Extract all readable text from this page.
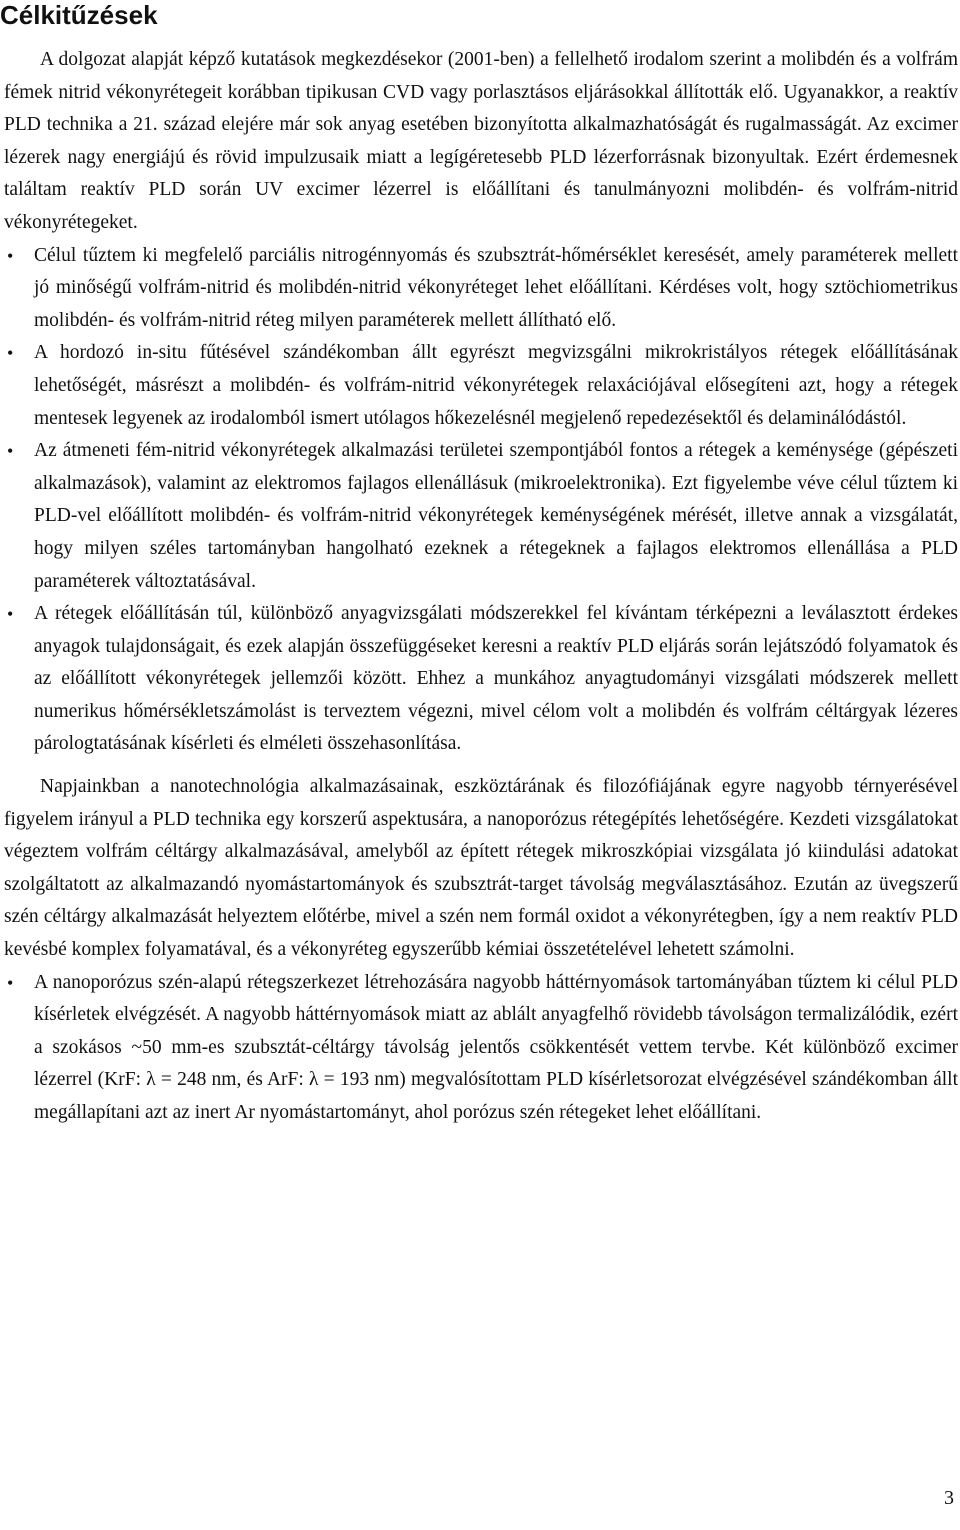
Célkitűzések

A dolgozat alapját képző kutatások megkezdésekor (2001-ben) a fellelhető irodalom szerint a molibdén és a volfrám fémek nitrid vékonyrétegeit korábban tipikusan CVD vagy porlasztásos eljárásokkal állították elő. Ugyanakkor, a reaktív PLD technika a 21. század elejére már sok anyag esetében bizonyította alkalmazhatóságát és rugalmasságát. Az excimer lézerek nagy energiájú és rövid impulzusaik miatt a legígéretesebb PLD lézerforrásnak bizonyultak. Ezért érdemesnek találtam reaktív PLD során UV excimer lézerrel is előállítani és tanulmányozni molibdén- és volfrám-nitrid vékonyrétegeket.

• Célul tűztem ki megfelelő parciális nitrogénnyomás és szubsztrát-hőmérséklet keresését, amely paraméterek mellett jó minőségű volfrám-nitrid és molibdén-nitrid vékonyréteget lehet előállítani. Kérdéses volt, hogy sztöchiometrikus molibdén- és volfrám-nitrid réteg milyen paraméterek mellett állítható elő.
• A hordozó in-situ fűtésével szándékomban állt egyrészt megvizsgálni mikrokristályos rétegek előállításának lehetőségét, másrészt a molibdén- és volfrám-nitrid vékonyrétegek relaxációjával elősegíteni azt, hogy a rétegek mentesek legyenek az irodalomból ismert utólagos hőkezelésnél megjelenő repedezésektől és delaminálódástól.
• Az átmeneti fém-nitrid vékonyrétegek alkalmazási területei szempontjából fontos a rétegek a keménysége (gépészeti alkalmazások), valamint az elektromos fajlagos ellenállásuk (mikroelektronika). Ezt figyelembe véve célul tűztem ki PLD-vel előállított molibdén- és volfrám-nitrid vékonyrétegek keménységének mérését, illetve annak a vizsgálatát, hogy milyen széles tartományban hangolható ezeknek a rétegeknek a fajlagos elektromos ellenállása a PLD paraméterek változtatásával.
• A rétegek előállításán túl, különböző anyagvizsgálati módszerekkel fel kívántam térképezni a leválasztott érdekes anyagok tulajdonságait, és ezek alapján összefüggéseket keresni a reaktív PLD eljárás során lejátszódó folyamatok és az előállított vékonyrétegek jellemzői között. Ehhez a munkához anyagtudományi vizsgálati módszerek mellett numerikus hőmérsékletszámolást is terveztem végezni, mivel célom volt a molibdén és volfrám céltárgyak lézeres párologtatásának kísérleti és elméleti összehasonlítása.

Napjainkban a nanotechnológia alkalmazásainak, eszköztárának és filozófiájának egyre nagyobb térnyerésével figyelem irányul a PLD technika egy korszerű aspektusára, a nanoporózus rétegépítés lehetőségére. Kezdeti vizsgálatokat végeztem volfrám céltárgy alkalmazásával, amelyből az épített rétegek mikroszkópiai vizsgálata jó kiindulási adatokat szolgáltatott az alkalmazandó nyomástartományok és szubsztrát-target távolság megválasztásához. Ezután az üvegszerű szén céltárgy alkalmazását helyeztem előtérbe, mivel a szén nem formál oxidot a vékonyrétegben, így a nem reaktív PLD kevésbé komplex folyamatával, és a vékonyréteg egyszerűbb kémiai összetételével lehetett számolni.

• A nanoporózus szén-alapú rétegszerkezet létrehozására nagyobb háttérnyomások tartományában tűztem ki célul PLD kísérletek elvégzését. A nagyobb háttérnyomások miatt az ablált anyagfelhő rövidebb távolságon termalizálódik, ezért a szokásos ~50 mm-es szubsztát-céltárgy távolság jelentős csökkentését vettem tervbe. Két különböző excimer lézerrel (KrF: λ = 248 nm, és ArF: λ = 193 nm) megvalósítottam PLD kísérletsorozat elvégzésével szándékomban állt megállapítani azt az inert Ar nyomástartományt, ahol porózus szén rétegeket lehet előállítani.
3
